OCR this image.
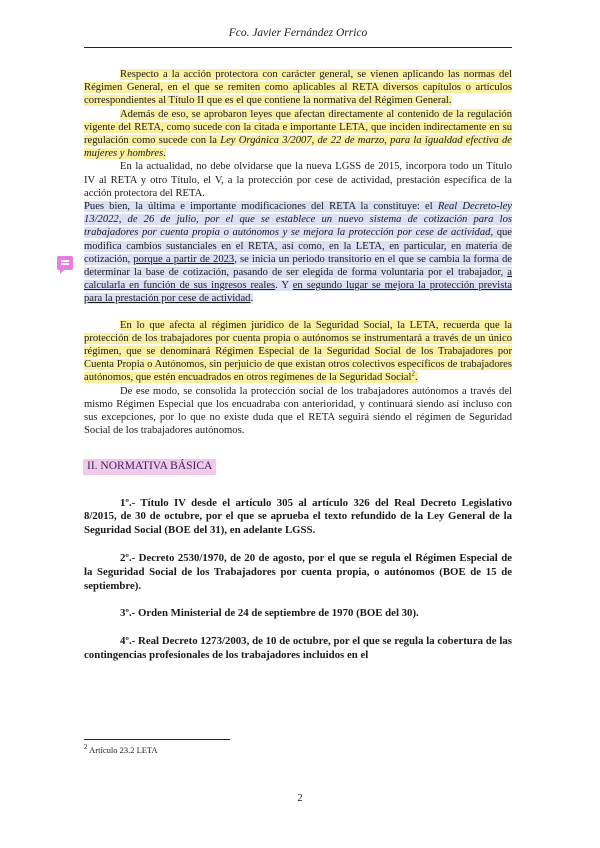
Fco. Javier Fernández Orrico

Respecto a la acción protectora con carácter general, se vienen aplicando las normas del Régimen General, en el que se remiten como aplicables al RETA diversos capítulos o artículos correspondientes al Título II que es el que contiene la normativa del Régimen General.

Además de eso, se aprobaron leyes que afectan directamente al contenido de la regulación vigente del RETA, como sucede con la citada e importante LETA, que inciden indirectamente en su regulación como sucede con la Ley Orgánica 3/2007, de 22 de marzo, para la igualdad efectiva de mujeres y hombres.

En la actualidad, no debe olvidarse que la nueva LGSS de 2015, incorpora todo un Título IV al RETA y otro Título, el V, a la protección por cese de actividad, prestación específica de la acción protectora del RETA.

Pues bien, la última e importante modificaciones del RETA la constituye: el Real Decreto-ley 13/2022, de 26 de julio, por el que se establece un nuevo sistema de cotización para los trabajadores por cuenta propia o autónomos y se mejora la protección por cese de actividad, que modifica cambios sustanciales en el RETA, así como, en la LETA, en particular, en materia de cotización, porque a partir de 2023, se inicia un periodo transitorio en el que se cambia la forma de determinar la base de cotización, pasando de ser elegida de forma voluntaria por el trabajador, a calcularla en función de sus ingresos reales. Y en segundo lugar se mejora la protección prevista para la prestación por cese de actividad.

En lo que afecta al régimen jurídico de la Seguridad Social, la LETA, recuerda que la protección de los trabajadores por cuenta propia o autónomos se instrumentará a través de un único régimen, que se denominará Régimen Especial de la Seguridad Social de los Trabajadores por Cuenta Propia o Autónomos, sin perjuicio de que existan otros colectivos específicos de trabajadores autónomos, que estén encuadrados en otros regímenes de la Seguridad Social$^2$.

De ese modo, se consolida la protección social de los trabajadores autónomos a través del mismo Régimen Especial que los encuadraba con anterioridad, y continuará siendo así incluso con sus excepciones, por lo que no existe duda que el RETA seguirá siendo el régimen de Seguridad Social de los trabajadores autónomos.

II. NORMATIVA BÁSICA

1º.- Título IV desde el artículo 305 al artículo 326 del Real Decreto Legislativo 8/2015, de 30 de octubre, por el que se aprueba el texto refundido de la Ley General de la Seguridad Social (BOE del 31), en adelante LGSS.

2º.- Decreto 2530/1970, de 20 de agosto, por el que se regula el Régimen Especial de la Seguridad Social de los Trabajadores por cuenta propia, o autónomos (BOE de 15 de septiembre).

3º.- Orden Ministerial de 24 de septiembre de 1970 (BOE del 30).

4º.- Real Decreto 1273/2003, de 10 de octubre, por el que se regula la cobertura de las contingencias profesionales de los trabajadores incluidos en el

$^2$ Artículo 23.2 LETA
2
